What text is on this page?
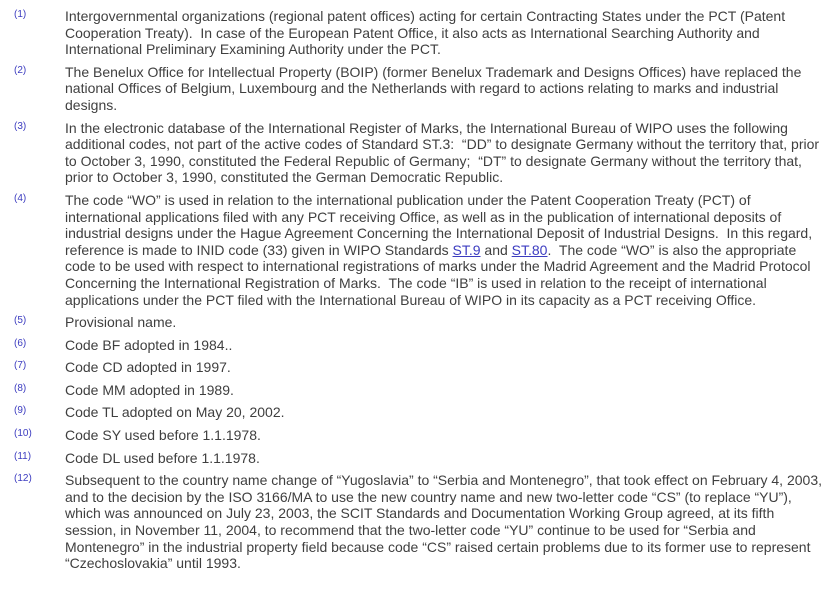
(1)	Intergovernmental organizations (regional patent offices) acting for certain Contracting States under the PCT (Patent Cooperation Treaty).  In case of the European Patent Office, it also acts as International Searching Authority and International Preliminary Examining Authority under the PCT.
(2)	The Benelux Office for Intellectual Property (BOIP) (former Benelux Trademark and Designs Offices) have replaced the national Offices of Belgium, Luxembourg and the Netherlands with regard to actions relating to marks and industrial designs.
(3)	In the electronic database of the International Register of Marks, the International Bureau of WIPO uses the following additional codes, not part of the active codes of Standard ST.3:  “DD” to designate Germany without the territory that, prior to October 3, 1990, constituted the Federal Republic of Germany;  “DT” to designate Germany without the territory that, prior to October 3, 1990, constituted the German Democratic Republic.
(4)	The code “WO” is used in relation to the international publication under the Patent Cooperation Treaty (PCT) of international applications filed with any PCT receiving Office, as well as in the publication of international deposits of industrial designs under the Hague Agreement Concerning the International Deposit of Industrial Designs.  In this regard, reference is made to INID code (33) given in WIPO Standards ST.9 and ST.80.  The code “WO” is also the appropriate code to be used with respect to international registrations of marks under the Madrid Agreement and the Madrid Protocol Concerning the International Registration of Marks.  The code “IB” is used in relation to the receipt of international applications under the PCT filed with the International Bureau of WIPO in its capacity as a PCT receiving Office.
(5)	Provisional name.
(6)	Code BF adopted in 1984..
(7)	Code CD adopted in 1997.
(8)	Code MM adopted in 1989.
(9)	Code TL adopted on May 20, 2002.
(10)	Code SY used before 1.1.1978.
(11)	Code DL used before 1.1.1978.
(12)	Subsequent to the country name change of “Yugoslavia” to “Serbia and Montenegro”, that took effect on February 4, 2003, and to the decision by the ISO 3166/MA to use the new country name and new two-letter code “CS” (to replace “YU”), which was announced on July 23, 2003, the SCIT Standards and Documentation Working Group agreed, at its fifth session, in November 11, 2004, to recommend that the two-letter code “YU” continue to be used for “Serbia and Montenegro” in the industrial property field because code “CS” raised certain problems due to its former use to represent “Czechoslovakia” until 1993.
